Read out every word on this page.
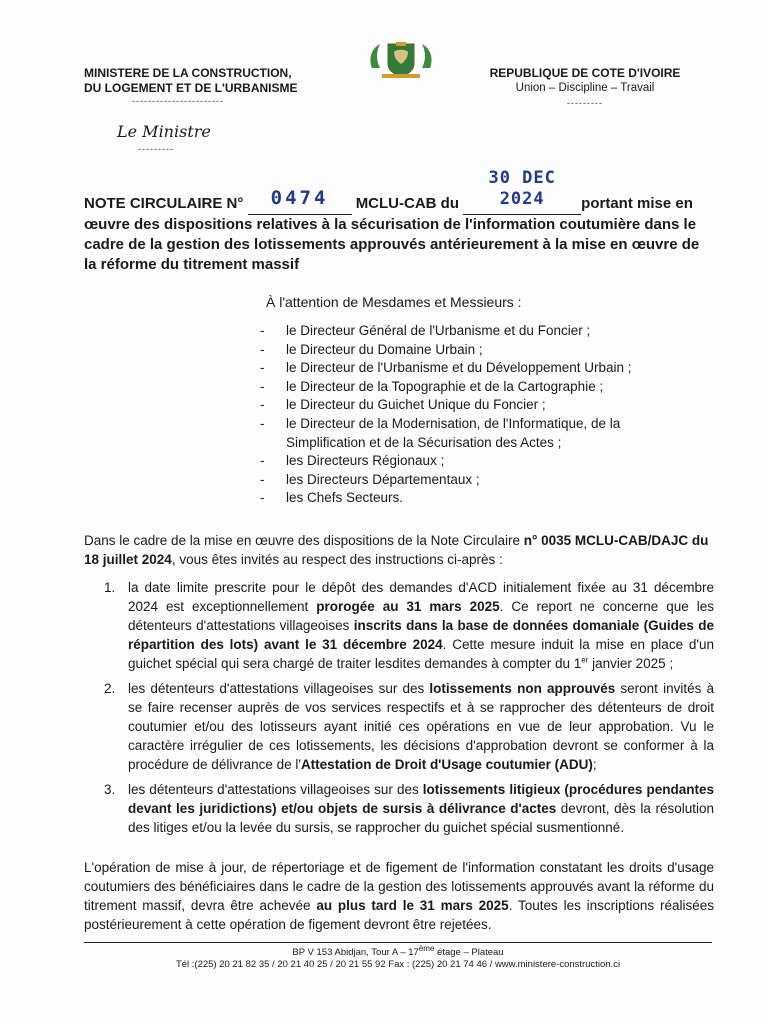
MINISTERE DE LA CONSTRUCTION,
DU LOGEMENT ET DE L'URBANISME
-----------------------
REPUBLIQUE DE COTE D'IVOIRE
Union – Discipline – Travail
---------
Le Ministre
---------
NOTE CIRCULAIRE N° 0474 MCLU-CAB du 30 DEC 2024 portant mise en œuvre des dispositions relatives à la sécurisation de l'information coutumière dans le cadre de la gestion des lotissements approuvés antérieurement à la mise en œuvre de la réforme du titrement massif
À l'attention de Mesdames et Messieurs :
- le Directeur Général de l'Urbanisme et du Foncier ;
- le Directeur du Domaine Urbain ;
- le Directeur de l'Urbanisme et du Développement Urbain ;
- le Directeur de la Topographie et de la Cartographie ;
- le Directeur du Guichet Unique du Foncier ;
- le Directeur de la Modernisation, de l'Informatique, de la Simplification et de la Sécurisation des Actes ;
- les Directeurs Régionaux ;
- les Directeurs Départementaux ;
- les Chefs Secteurs.
Dans le cadre de la mise en œuvre des dispositions de la Note Circulaire n° 0035 MCLU-CAB/DAJC du 18 juillet 2024, vous êtes invités au respect des instructions ci-après :
1. la date limite prescrite pour le dépôt des demandes d'ACD initialement fixée au 31 décembre 2024 est exceptionnellement prorogée au 31 mars 2025. Ce report ne concerne que les détenteurs d'attestations villageoises inscrits dans la base de données domaniale (Guides de répartition des lots) avant le 31 décembre 2024. Cette mesure induit la mise en place d'un guichet spécial qui sera chargé de traiter lesdites demandes à compter du 1er janvier 2025 ;
2. les détenteurs d'attestations villageoises sur des lotissements non approuvés seront invités à se faire recenser auprès de vos services respectifs et à se rapprocher des détenteurs de droit coutumier et/ou des lotisseurs ayant initié ces opérations en vue de leur approbation. Vu le caractère irrégulier de ces lotissements, les décisions d'approbation devront se conformer à la procédure de délivrance de l'Attestation de Droit d'Usage coutumier (ADU);
3. les détenteurs d'attestations villageoises sur des lotissements litigieux (procédures pendantes devant les juridictions) et/ou objets de sursis à délivrance d'actes devront, dès la résolution des litiges et/ou la levée du sursis, se rapprocher du guichet spécial susmentionné.
L'opération de mise à jour, de répertoriage et de figement de l'information constatant les droits d'usage coutumiers des bénéficiaires dans le cadre de la gestion des lotissements approuvés avant la réforme du titrement massif, devra être achevée au plus tard le 31 mars 2025. Toutes les inscriptions réalisées postérieurement à cette opération de figement devront être rejetées.
BP V 153 Abidjan, Tour A – 17ème étage – Plateau
Tél :(225) 20 21 82 35 / 20 21 40 25 / 20 21 55 92 Fax : (225) 20 21 74 46 / www.ministere-construction.ci
